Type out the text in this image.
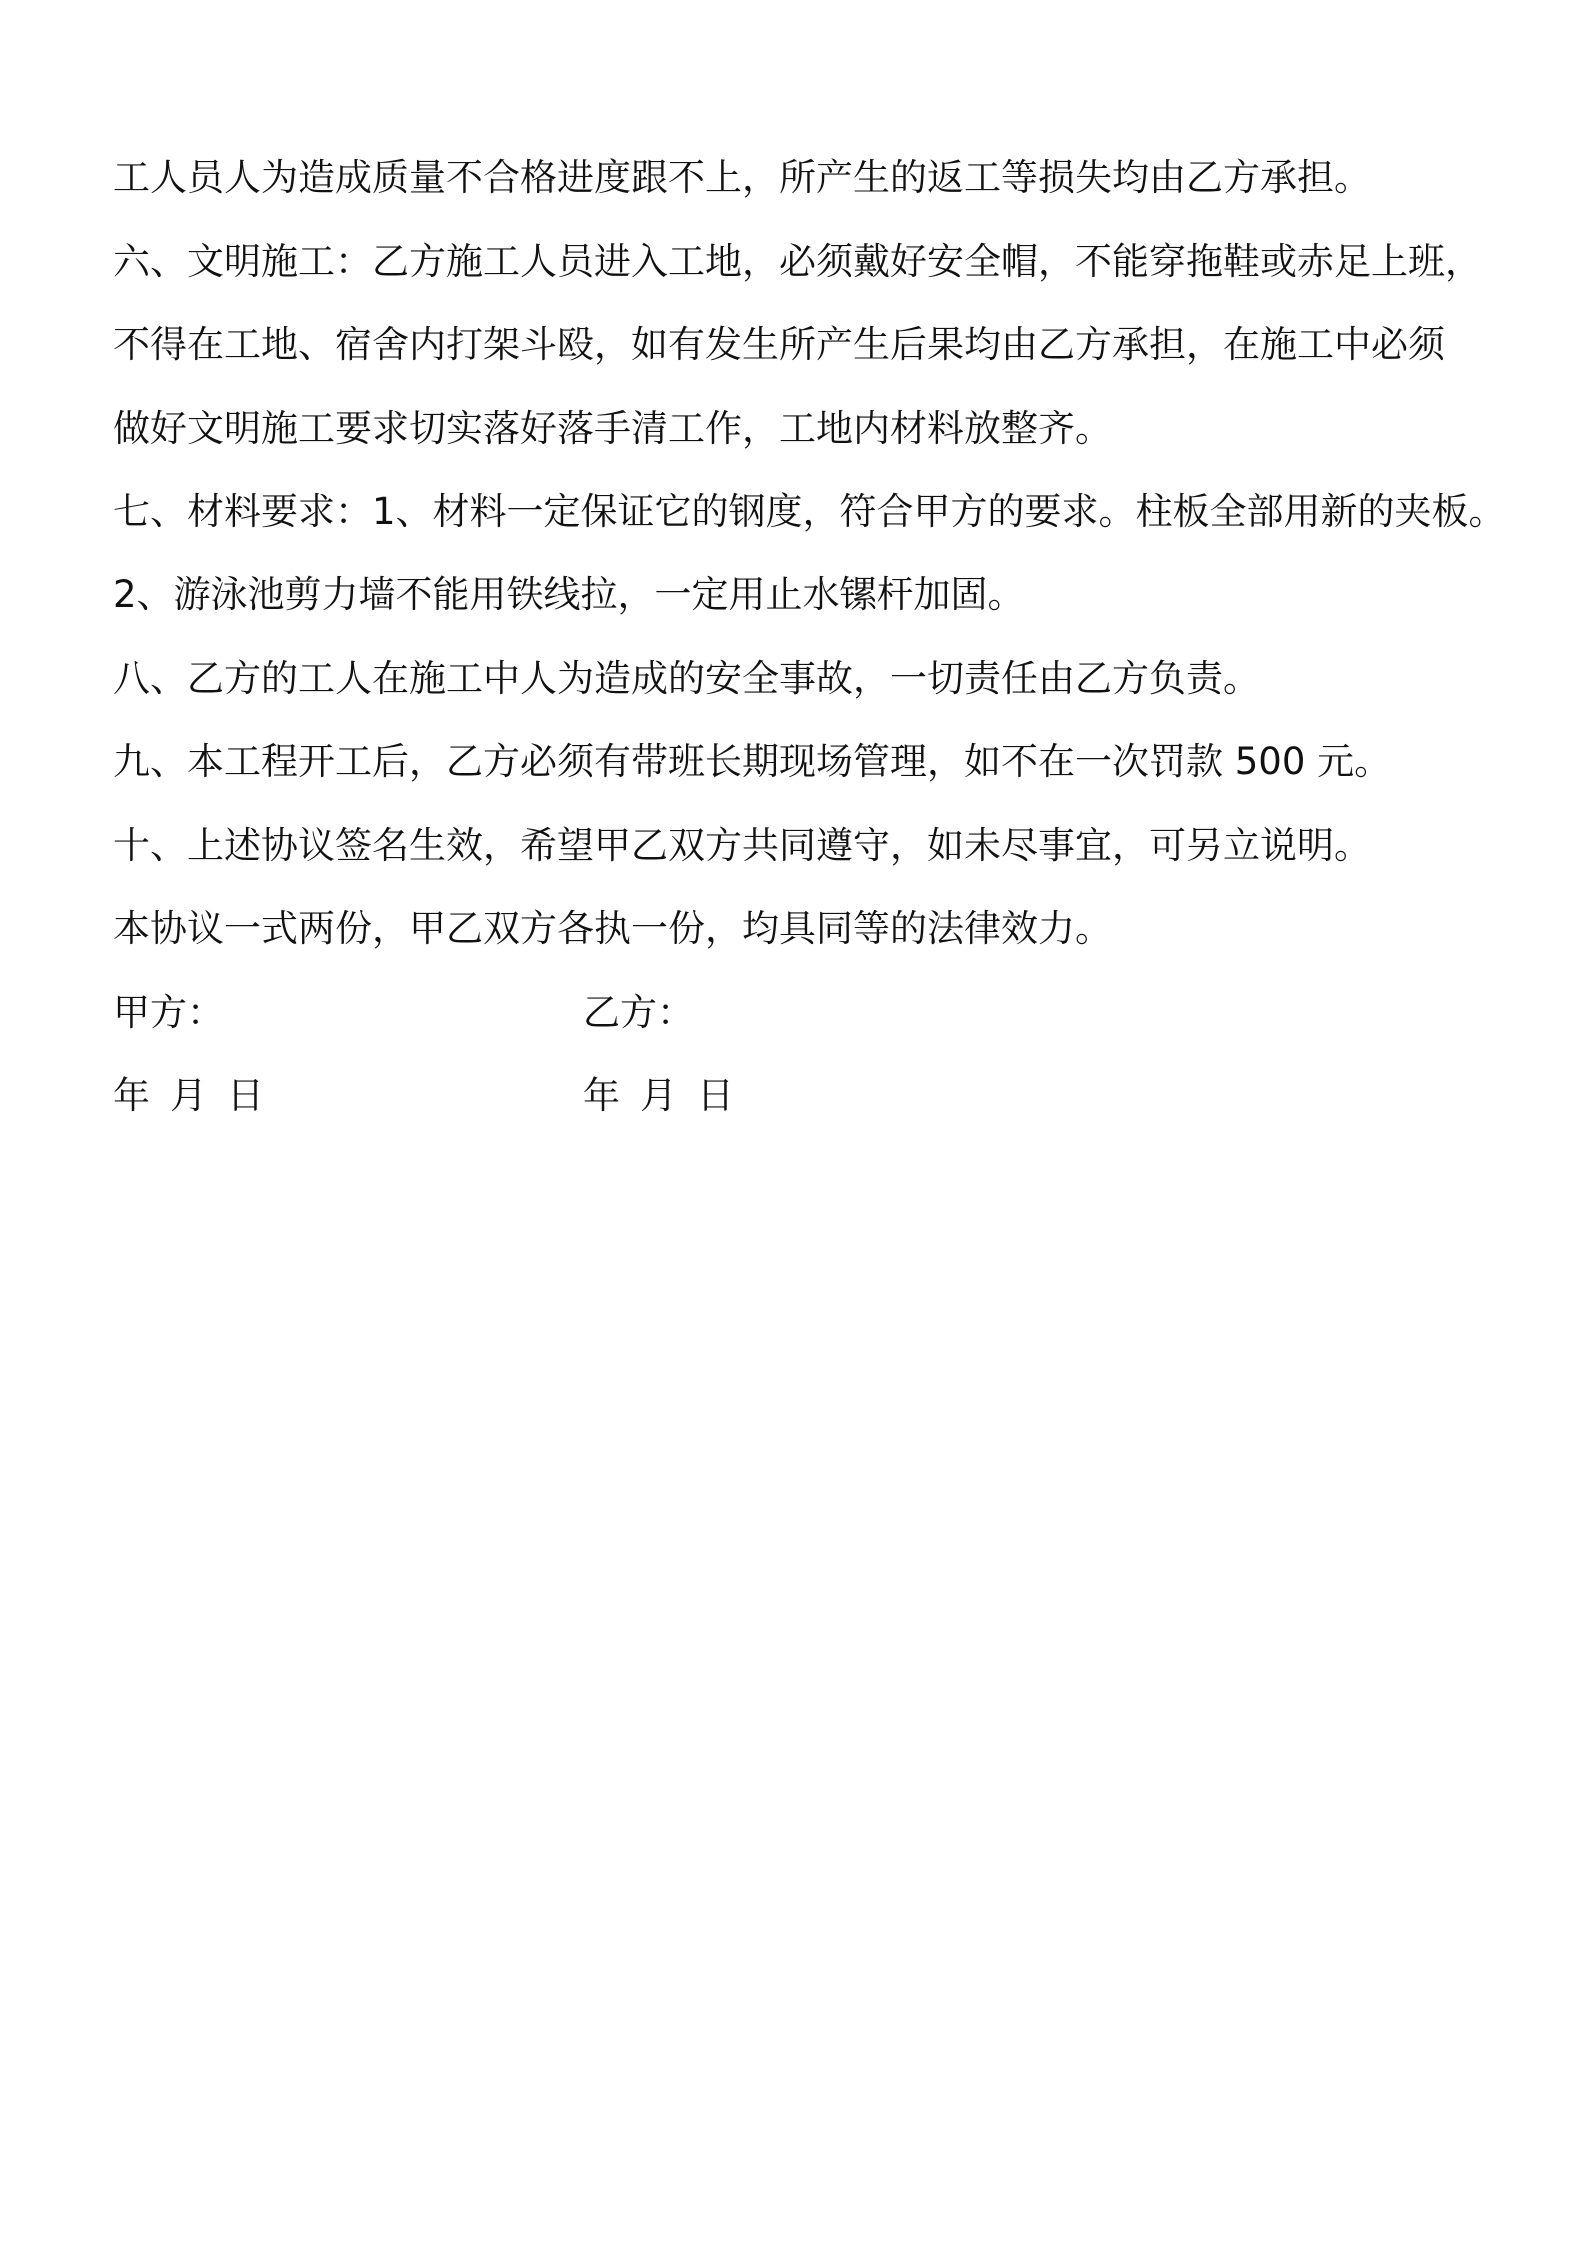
工人员人为造成质量不合格进度跟不上，所产生的返工等损失均由乙方承担。
六、文明施工：乙方施工人员进入工地，必须戴好安全帽，不能穿拖鞋或赤足上班，
不得在工地、宿舍内打架斗殴，如有发生所产生后果均由乙方承担，在施工中必须
做好文明施工要求切实落好落手清工作，工地内材料放整齐。
七、材料要求：1、材料一定保证它的钢度，符合甲方的要求。柱板全部用新的夹板。
2、游泳池剪力墙不能用铁线拉，一定用止水镙杆加固。
八、乙方的工人在施工中人为造成的安全事故，一切责任由乙方负责。
九、本工程开工后，乙方必须有带班长期现场管理，如不在一次罚款 500 元。
十、上述协议签名生效，希望甲乙双方共同遵守，如未尽事宜，可另立说明。
本协议一式两份，甲乙双方各执一份，均具同等的法律效力。
甲方：	乙方：
年 月 日	年 月 日
